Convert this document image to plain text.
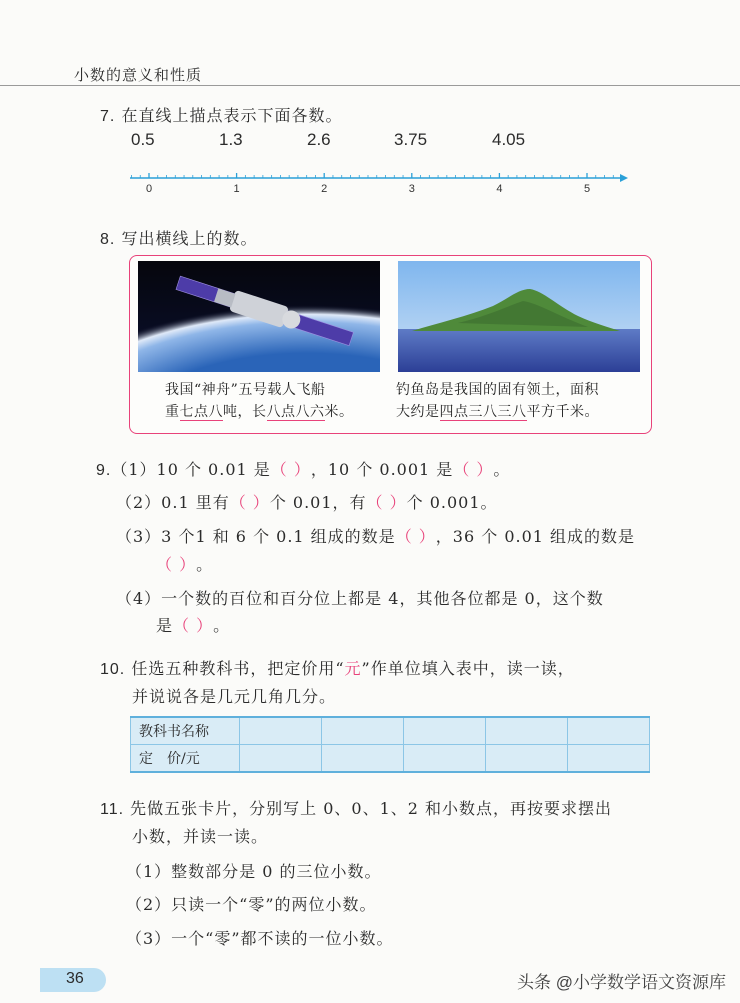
小数的意义和性质
7. 在直线上描点表示下面各数。
0.5	1.3	2.6	3.75	4.05
0	1	2	3	4	5
8. 写出横线上的数。
我国“神舟”五号载人飞船
重七点八吨，长八点八六米。
钓鱼岛是我国的固有领土，面积
大约是四点三八三八平方千米。
9.（1）10 个 0.01 是（ ），10 个 0.001 是（ ）。
（2）0.1 里有（ ）个 0.01，有（ ）个 0.001。
（3）3 个1 和 6 个 0.1 组成的数是（ ），36 个 0.01 组成的数是
（ ）。
（4）一个数的百位和百分位上都是 4，其他各位都是 0，这个数
是（ ）。
10. 任选五种教科书，把定价用“元”作单位填入表中，读一读，
并说说各是几元几角几分。
教科书名称					
定　价/元					
11. 先做五张卡片，分别写上 0、0、1、2 和小数点，再按要求摆出
小数，并读一读。
（1）整数部分是 0 的三位小数。
（2）只读一个“零”的两位小数。
（3）一个“零”都不读的一位小数。
36	头条 @小学数学语文资源库
